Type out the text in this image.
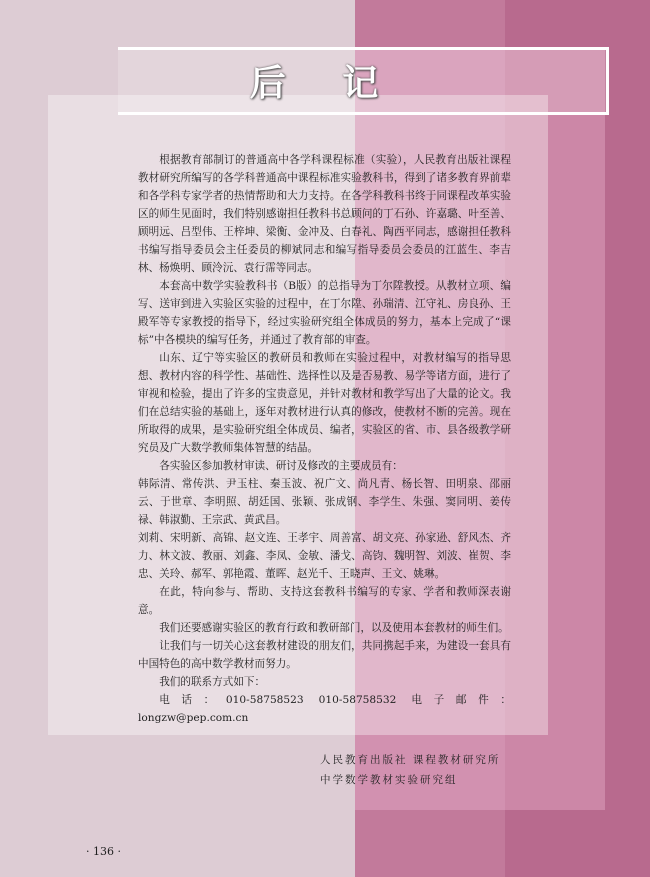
后 记

根据教育部制订的普通高中各学科课程标准（实验），人民教育出版社课程教材研究所编写的各学科普通高中课程标准实验教科书，得到了诸多教育界前辈和各学科专家学者的热情帮助和大力支持。在各学科教科书终于同课程改革实验区的师生见面时，我们特别感谢担任教科书总顾问的丁石孙、许嘉璐、叶至善、顾明远、吕型伟、王梓坤、梁衡、金冲及、白春礼、陶西平同志，感谢担任教科书编写指导委员会主任委员的柳斌同志和编写指导委员会委员的江蓝生、李吉林、杨焕明、顾泠沅、袁行霈等同志。

本套高中数学实验教科书（B版）的总指导为丁尔陞教授。从教材立项、编写、送审到进入实验区实验的过程中，在丁尔陞、孙瑞清、江守礼、房良孙、王殿军等专家教授的指导下，经过实验研究组全体成员的努力，基本上完成了“课标”中各模块的编写任务，并通过了教育部的审查。

山东、辽宁等实验区的教研员和教师在实验过程中，对教材编写的指导思想、教材内容的科学性、基础性、选择性以及是否易教、易学等诸方面，进行了审视和检验，提出了许多的宝贵意见，并针对教材和教学写出了大量的论文。我们在总结实验的基础上，逐年对教材进行认真的修改，使教材不断的完善。现在所取得的成果，是实验研究组全体成员、编者，实验区的省、市、县各级教学研究员及广大数学教师集体智慧的结晶。

各实验区参加教材审读、研讨及修改的主要成员有：

韩际清、常传洪、尹玉柱、秦玉波、祝广文、尚凡青、杨长智、田明泉、邵丽云、于世章、李明照、胡廷国、张颖、张成钢、李学生、朱强、窦同明、姜传禄、韩淑勤、王宗武、黄武昌。

刘莉、宋明新、高锦、赵文连、王孝宇、周善富、胡文亮、孙家逊、舒风杰、齐力、林文波、教丽、刘鑫、李凤、金敏、潘戈、高钧、魏明智、刘波、崔贺、李忠、关玲、郝军、郭艳霞、董晖、赵光千、王晓声、王文、姚琳。

在此，特向参与、帮助、支持这套教科书编写的专家、学者和教师深表谢意。

我们还要感谢实验区的教育行政和教研部门，以及使用本套教材的师生们。

让我们与一切关心这套教材建设的朋友们，共同携起手来，为建设一套具有中国特色的高中数学教材而努力。

我们的联系方式如下：

电话：010-58758523 010-58758532 电子邮件：longzw@pep.com.cn

人民教育出版社 课程教材研究所
中学数学教材实验研究组
· 136 ·
